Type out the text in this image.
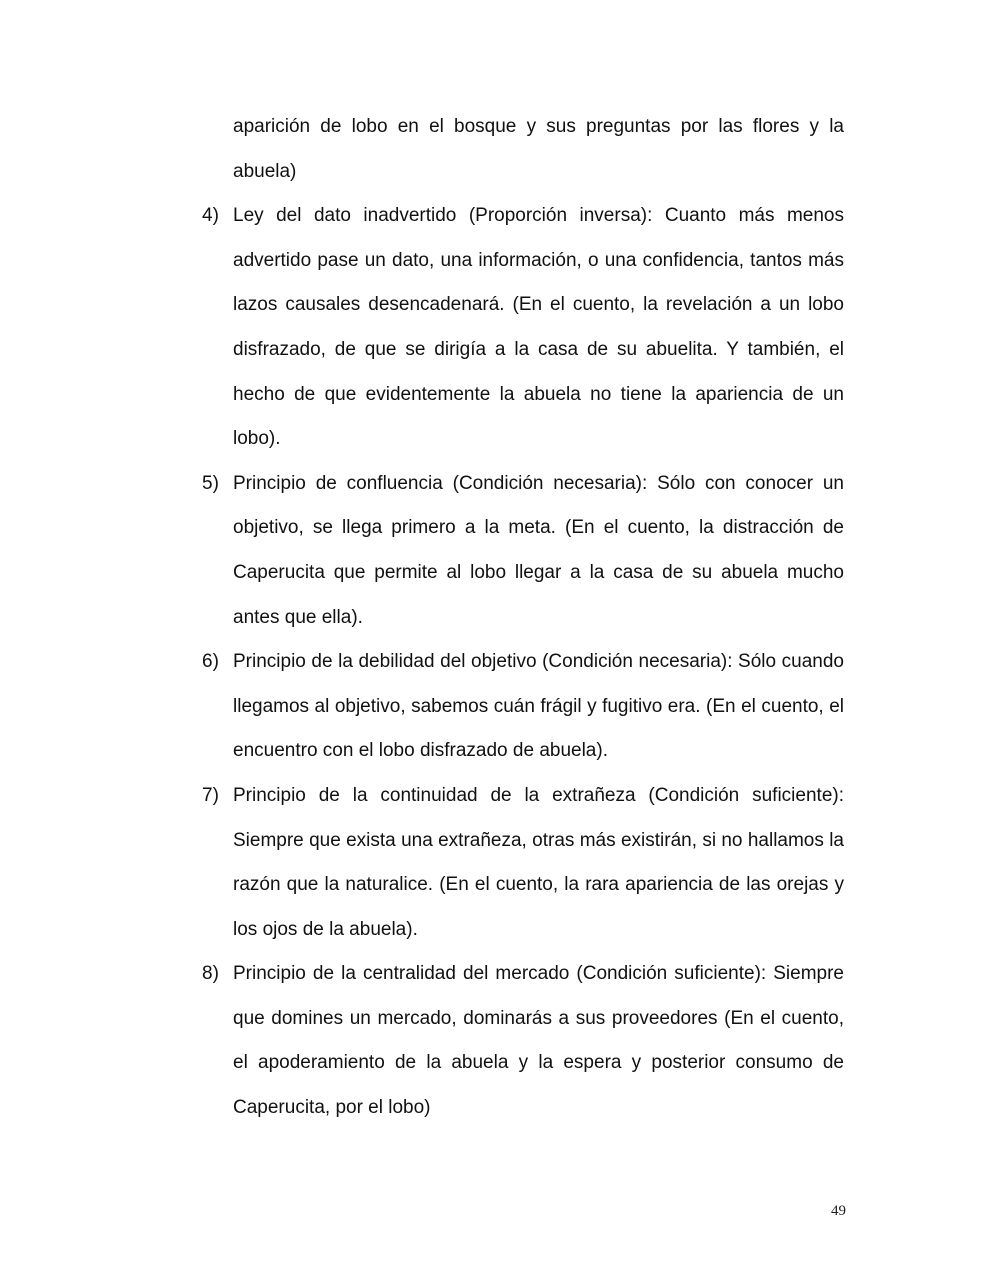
aparición de lobo en el bosque y sus preguntas por las flores y la abuela)
4) Ley del dato inadvertido (Proporción inversa): Cuanto más menos advertido pase un dato, una información, o una confidencia, tantos más lazos causales desencadenará. (En el cuento, la revelación a un lobo disfrazado, de que se dirigía a la casa de su abuelita. Y también, el hecho de que evidentemente la abuela no tiene la apariencia de un lobo).
5) Principio de confluencia (Condición necesaria): Sólo con conocer un objetivo, se llega primero a la meta. (En el cuento, la distracción de Caperucita que permite al lobo llegar a la casa de su abuela mucho antes que ella).
6) Principio de la debilidad del objetivo (Condición necesaria): Sólo cuando llegamos al objetivo, sabemos cuán frágil y fugitivo era. (En el cuento, el encuentro con el lobo disfrazado de abuela).
7) Principio de la continuidad de la extrañeza (Condición suficiente): Siempre que exista una extrañeza, otras más existirán, si no hallamos la razón que la naturalice. (En el cuento, la rara apariencia de las orejas y los ojos de la abuela).
8) Principio de la centralidad del mercado (Condición suficiente): Siempre que domines un mercado, dominarás a sus proveedores (En el cuento, el apoderamiento de la abuela y la espera y posterior consumo de Caperucita, por el lobo)
49
